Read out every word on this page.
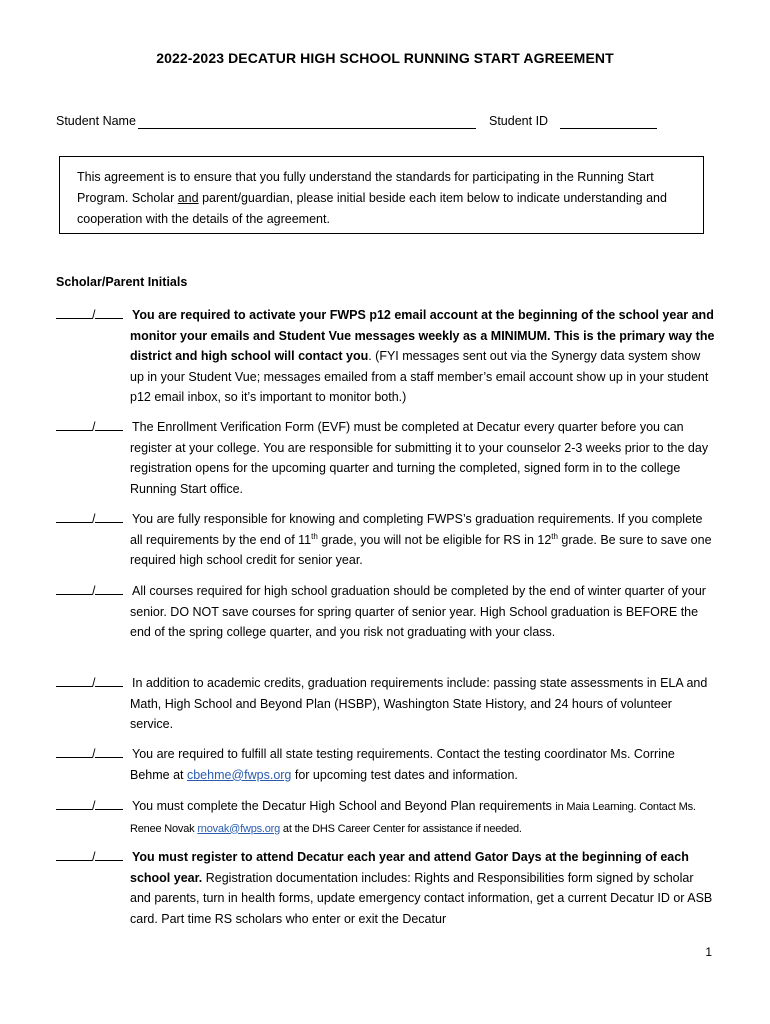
2022-2023 DECATUR HIGH SCHOOL RUNNING START AGREEMENT
Student Name	Student ID
This agreement is to ensure that you fully understand the standards for participating in the Running Start Program. Scholar and parent/guardian, please initial beside each item below to indicate understanding and cooperation with the details of the agreement.
Scholar/Parent Initials
/	You are required to activate your FWPS p12 email account at the beginning of the school year and monitor your emails and Student Vue messages weekly as a MINIMUM. This is the primary way the district and high school will contact you. (FYI messages sent out via the Synergy data system show up in your Student Vue; messages emailed from a staff member’s email account show up in your student p12 email inbox, so it’s important to monitor both.)
/	The Enrollment Verification Form (EVF) must be completed at Decatur every quarter before you can register at your college. You are responsible for submitting it to your counselor 2-3 weeks prior to the day registration opens for the upcoming quarter and turning the completed, signed form in to the college Running Start office.
/	You are fully responsible for knowing and completing FWPS’s graduation requirements. If you complete all requirements by the end of 11th grade, you will not be eligible for RS in 12th grade. Be sure to save one required high school credit for senior year.
/	All courses required for high school graduation should be completed by the end of winter quarter of your senior. DO NOT save courses for spring quarter of senior year. High School graduation is BEFORE the end of the spring college quarter, and you risk not graduating with your class.
/	In addition to academic credits, graduation requirements include: passing state assessments in ELA and Math, High School and Beyond Plan (HSBP), Washington State History, and 24 hours of volunteer service.
/	You are required to fulfill all state testing requirements. Contact the testing coordinator Ms. Corrine Behme at cbehme@fwps.org for upcoming test dates and information.
/	You must complete the Decatur High School and Beyond Plan requirements in Maia Learning. Contact Ms. Renee Novak rnovak@fwps.org at the DHS Career Center for assistance if needed.
/	You must register to attend Decatur each year and attend Gator Days at the beginning of each school year. Registration documentation includes: Rights and Responsibilities form signed by scholar and parents, turn in health forms, update emergency contact information, get a current Decatur ID or ASB card. Part time RS scholars who enter or exit the Decatur
1
